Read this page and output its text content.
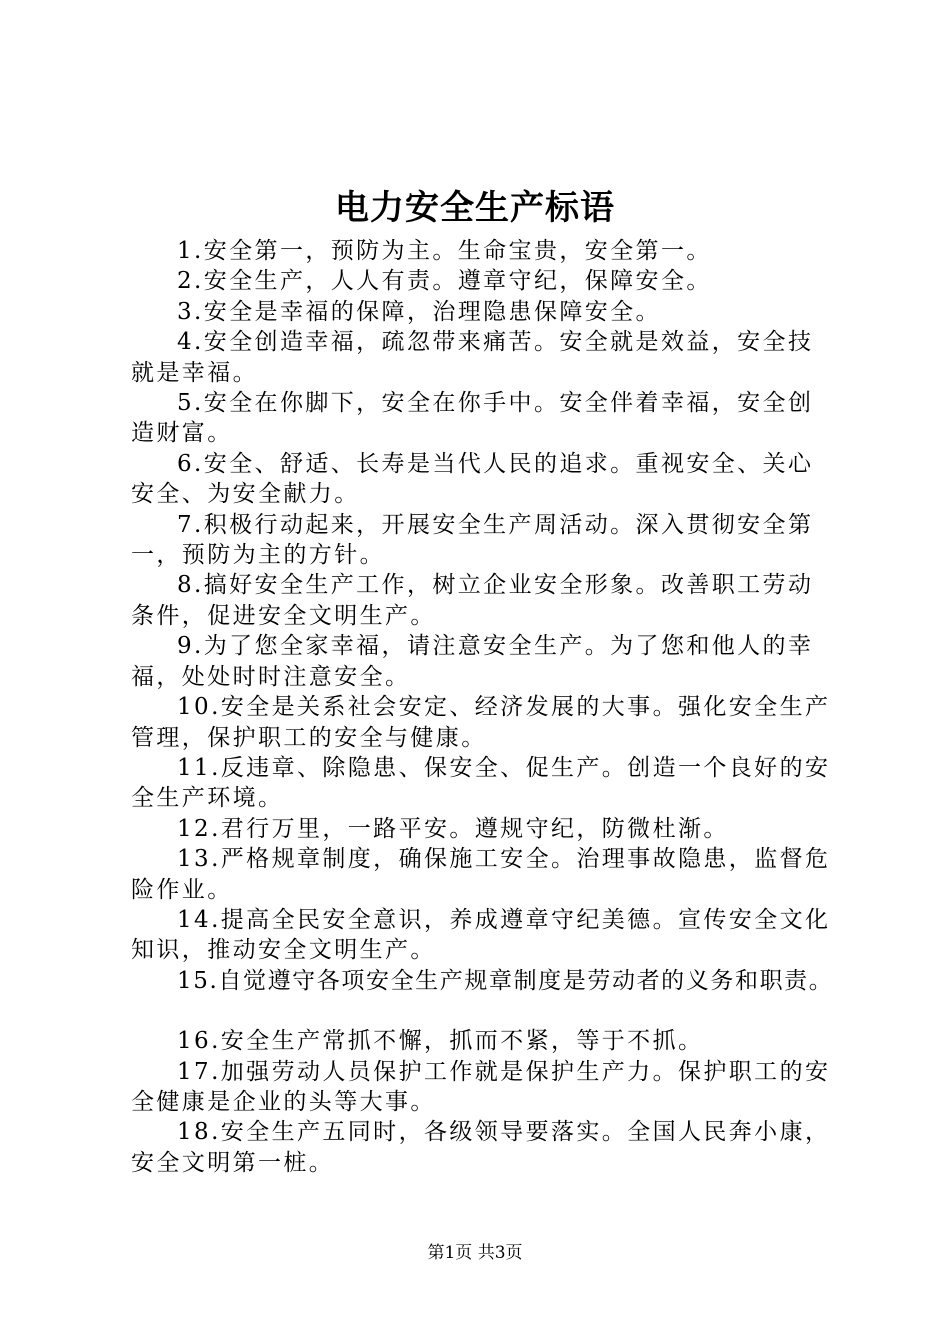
电力安全生产标语

1.安全第一，预防为主。生命宝贵，安全第一。

2.安全生产，人人有责。遵章守纪，保障安全。

3.安全是幸福的保障，治理隐患保障安全。

4.安全创造幸福，疏忽带来痛苦。安全就是效益，安全技就是幸福。

5.安全在你脚下，安全在你手中。安全伴着幸福，安全创造财富。

6.安全、舒适、长寿是当代人民的追求。重视安全、关心安全、为安全献力。

7.积极行动起来，开展安全生产周活动。深入贯彻安全第一，预防为主的方针。

8.搞好安全生产工作，树立企业安全形象。改善职工劳动条件，促进安全文明生产。

9.为了您全家幸福，请注意安全生产。为了您和他人的幸福，处处时时注意安全。

10.安全是关系社会安定、经济发展的大事。强化安全生产管理，保护职工的安全与健康。

11.反违章、除隐患、保安全、促生产。创造一个良好的安全生产环境。

12.君行万里，一路平安。遵规守纪，防微杜渐。

13.严格规章制度，确保施工安全。治理事故隐患，监督危险作业。

14.提高全民安全意识，养成遵章守纪美德。宣传安全文化知识，推动安全文明生产。

15.自觉遵守各项安全生产规章制度是劳动者的义务和职责。

16.安全生产常抓不懈，抓而不紧，等于不抓。

17.加强劳动人员保护工作就是保护生产力。保护职工的安全健康是企业的头等大事。

18.安全生产五同时，各级领导要落实。全国人民奔小康，安全文明第一桩。

第1页 共3页
